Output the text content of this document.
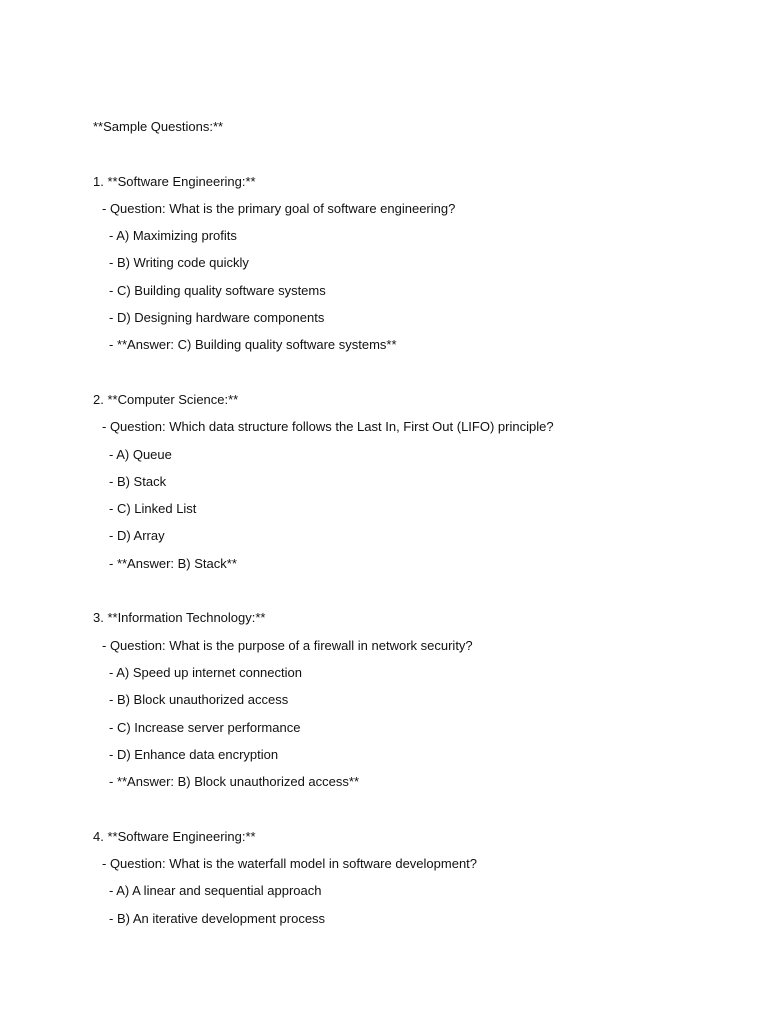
**Sample Questions:**
1. **Software Engineering:**
- Question: What is the primary goal of software engineering?
- A) Maximizing profits
- B) Writing code quickly
- C) Building quality software systems
- D) Designing hardware components
- **Answer: C) Building quality software systems**
2. **Computer Science:**
- Question: Which data structure follows the Last In, First Out (LIFO) principle?
- A) Queue
- B) Stack
- C) Linked List
- D) Array
- **Answer: B) Stack**
3. **Information Technology:**
- Question: What is the purpose of a firewall in network security?
- A) Speed up internet connection
- B) Block unauthorized access
- C) Increase server performance
- D) Enhance data encryption
- **Answer: B) Block unauthorized access**
4. **Software Engineering:**
- Question: What is the waterfall model in software development?
- A) A linear and sequential approach
- B) An iterative development process
